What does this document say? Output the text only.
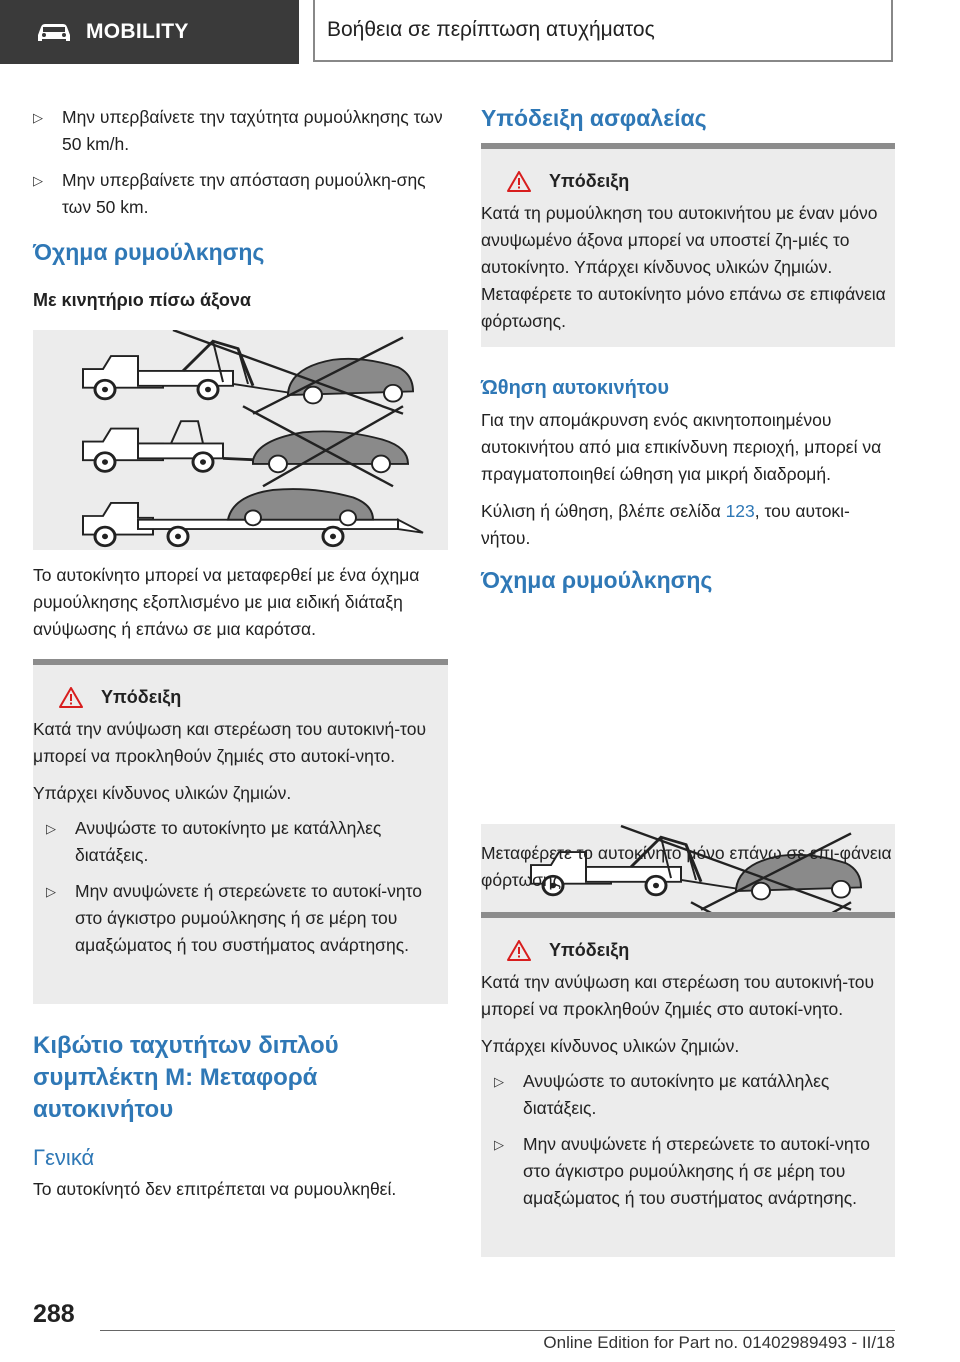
MOBILITY	Βοήθεια σε περίπτωση ατυχήματος
▷ Μην υπερβαίνετε την ταχύτητα ρυμούλκησης των 50 km/h.
▷ Μην υπερβαίνετε την απόσταση ρυμούλκη-σης των 50 km.
Όχημα ρυμούλκησης
Με κινητήριο πίσω άξονα

Το αυτοκίνητο μπορεί να μεταφερθεί με ένα όχημα ρυμούλκησης εξοπλισμένο με μια ειδική διάταξη ανύψωσης ή επάνω σε μια καρότσα.

Υπόδειξη

Κατά την ανύψωση και στερέωση του αυτοκινή-του μπορεί να προκληθούν ζημιές στο αυτοκί-νητο.

Υπάρχει κίνδυνος υλικών ζημιών.

▷ Ανυψώστε το αυτοκίνητο με κατάλληλες διατάξεις.
▷ Μην ανυψώνετε ή στερεώνετε το αυτοκί-νητο στο άγκιστρο ρυμούλκησης ή σε μέρη του αμαξώματος ή του συστήματος ανάρτησης.
Κιβώτιο ταχυτήτων διπλού συμπλέκτη M: Μεταφορά αυτοκινήτου
Γενικά

Το αυτοκίνητό δεν επιτρέπεται να ρυμουλκηθεί.

Υπόδειξη ασφαλείας
Υπόδειξη

Κατά τη ρυμούλκηση του αυτοκινήτου με έναν μόνο ανυψωμένο άξονα μπορεί να υποστεί ζη-μιές το αυτοκίνητο. Υπάρχει κίνδυνος υλικών ζημιών. Μεταφέρετε το αυτοκίνητο μόνο επάνω σε επιφάνεια φόρτωσης.

Ώθηση αυτοκινήτου

Για την απομάκρυνση ενός ακινητοποιημένου αυτοκινήτου από μια επικίνδυνη περιοχή, μπορεί να πραγματοποιηθεί ώθηση για μικρή διαδρομή.

Κύλιση ή ώθηση, βλέπε σελίδα 123, του αυτοκι-νήτου.

Όχημα ρυμούλκησης

Μεταφέρετε το αυτοκίνητο μόνο επάνω σε επι-φάνεια φόρτωσης.

Υπόδειξη

Κατά την ανύψωση και στερέωση του αυτοκινή-του μπορεί να προκληθούν ζημιές στο αυτοκί-νητο.

Υπάρχει κίνδυνος υλικών ζημιών.

▷ Ανυψώστε το αυτοκίνητο με κατάλληλες διατάξεις.
▷ Μην ανυψώνετε ή στερεώνετε το αυτοκί-νητο στο άγκιστρο ρυμούλκησης ή σε μέρη του αμαξώματος ή του συστήματος ανάρτησης.
288
Online Edition for Part no. 01402989493 - II/18
